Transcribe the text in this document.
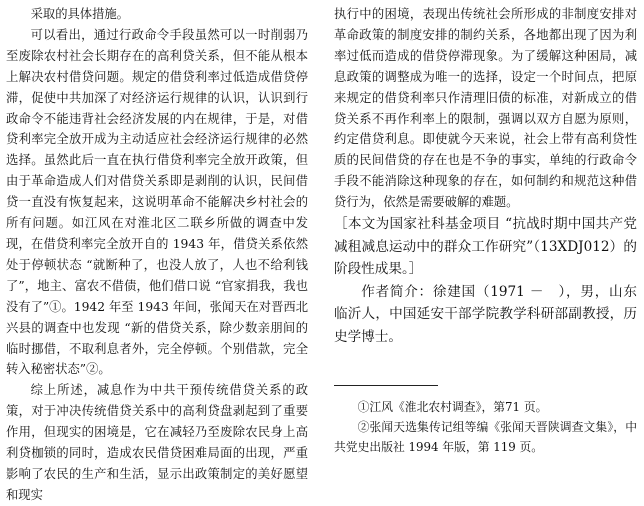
采取的具体措施。

可以看出，通过行政命令手段虽然可以一时削弱乃至废除农村社会长期存在的高利贷关系，但不能从根本上解决农村借贷问题。规定的借贷利率过低造成借贷停滞，促使中共加深了对经济运行规律的认识，认识到行政命令不能违背社会经济发展的内在规律，于是，对借贷利率完全放开成为主动适应社会经济运行规律的必然选择。虽然此后一直在执行借贷利率完全放开政策，但由于革命造成人们对借贷关系即是剥削的认识，民间借贷一直没有恢复起来，这说明革命不能解决乡村社会的所有问题。如江风在对淮北区二联乡所做的调查中发现，在借贷利率完全放开自的 1943 年，借贷关系依然处于停顿状态 “就断种了，也没人放了，人也不给利钱了”，地主、富农不借债，他们借口说 “官家捐我，我也没有了”①。1942 年至 1943 年间，张闻天在对晋西北兴县的调查中也发现 “新的借贷关系，除少数亲朋间的临时挪借，不取利息者外，完全停顿。个别借款，完全转入秘密状态”②。

综上所述，减息作为中共干预传统借贷关系的政策，对于冲决传统借贷关系中的高利贷盘剥起到了重要作用，但现实的困境是，它在减轻乃至废除农民身上高利贷枷锁的同时，造成农民借贷困难局面的出现，严重影响了农民的生产和生活，显示出政策制定的美好愿望和现实

执行中的困境，表现出传统社会所形成的非制度安排对革命政策的制度安排的制约关系，各地都出现了因为利率过低而造成的借贷停滞现象。为了缓解这种困局，减息政策的调整成为唯一的选择，设定一个时间点，把原来规定的借贷利率只作清理旧债的标准，对新成立的借贷关系不再作利率上的限制，强调以双方自愿为原则，约定借贷利息。即使就今天来说，社会上带有高利贷性质的民间借贷的存在也是不争的事实，单纯的行政命令手段不能消除这种现象的存在，如何制约和规范这种借贷行为，依然是需要破解的难题。

［本文为国家社科基金项目 “抗战时期中国共产党减租减息运动中的群众工作研究”（13XDJ012）的阶段性成果。］

作者简介：徐建国（1971 －　），男，山东临沂人，中国延安干部学院教学科研部副教授，历史学博士。

①江风《淮北农村调查》，第71 页。

②张闻天选集传记组等编《张闻天晋陕调查文集》，中共党史出版社 1994 年版，第 119 页。
